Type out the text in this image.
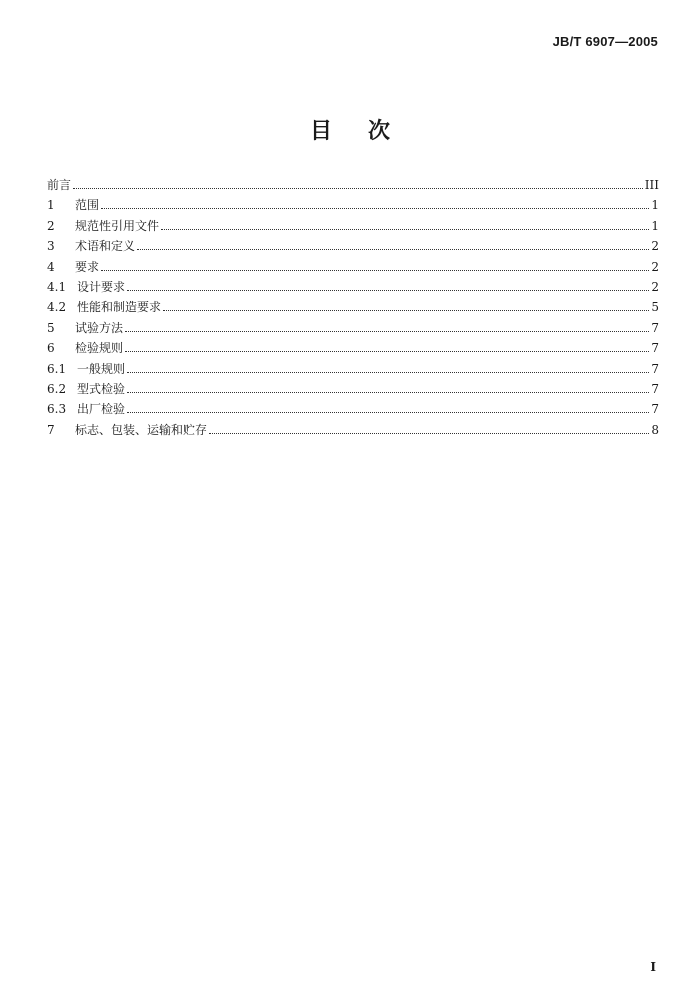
JB/T 6907—2005
目次
前言	III
1	范围	1
2	规范性引用文件	1
3	术语和定义	2
4	要求	2
4.1 设计要求	2
4.2 性能和制造要求	5
5	试验方法	7
6	检验规则	7
6.1 一般规则	7
6.2 型式检验	7
6.3 出厂检验	7
7	标志、包装、运输和贮存	8
I
